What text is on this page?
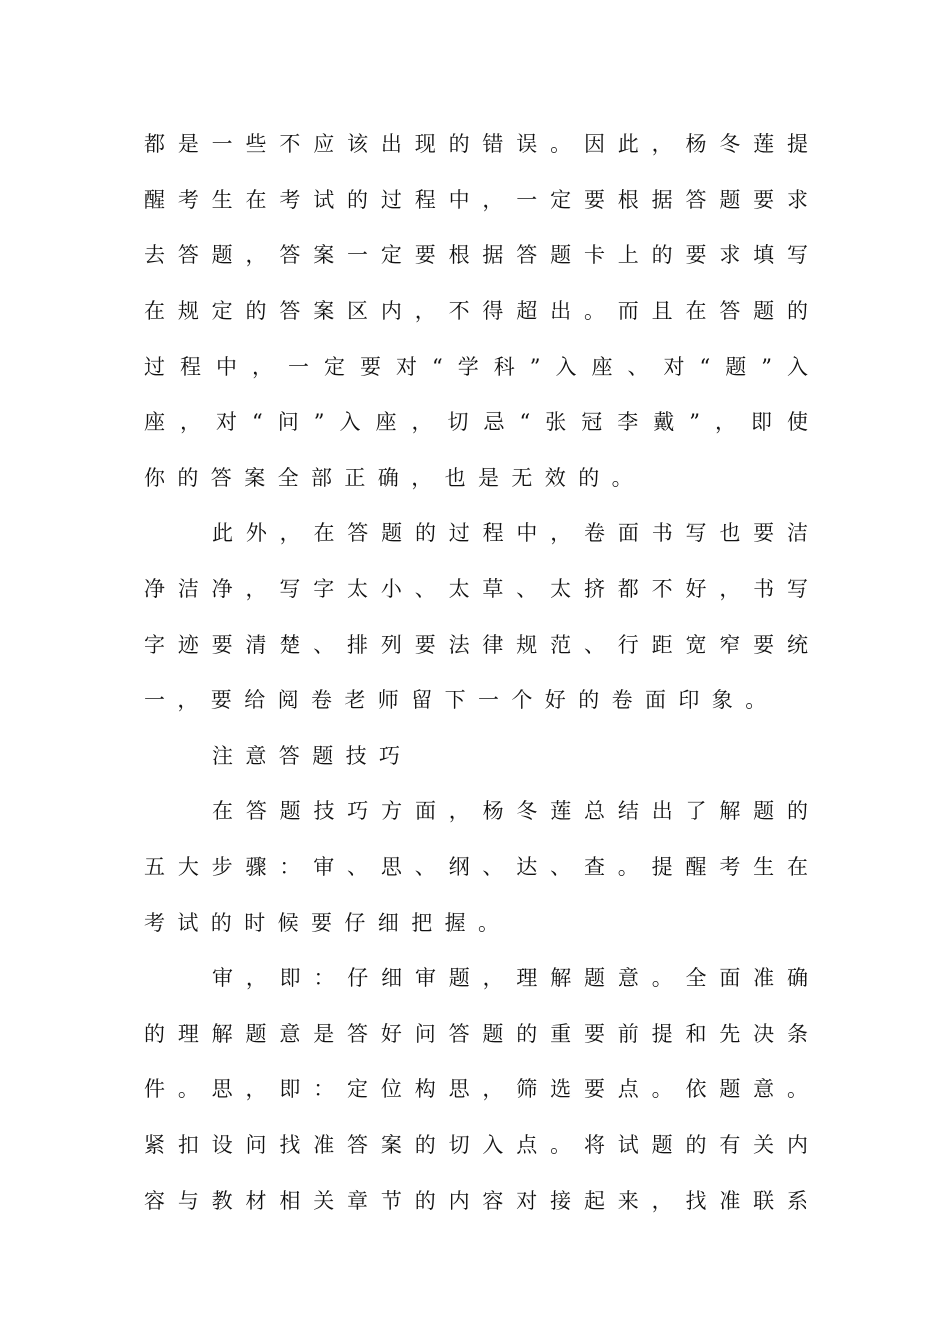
都是一些不应该出现的错误。因此，杨冬莲提
醒考生在考试的过程中，一定要根据答题要求
去答题，答案一定要根据答题卡上的要求填写
在规定的答案区内，不得超出。而且在答题的
过程中，一定要对“学科”入座、对“题”入
座，对“问”入座，切忌“张冠李戴”，即使
你的答案全部正确，也是无效的。
此外，在答题的过程中，卷面书写也要洁
净洁净，写字太小、太草、太挤都不好，书写
字迹要清楚、排列要法律规范、行距宽窄要统
一，要给阅卷老师留下一个好的卷面印象。
注意答题技巧
在答题技巧方面，杨冬莲总结出了解题的
五大步骤：审、思、纲、达、查。提醒考生在
考试的时候要仔细把握。
审，即：仔细审题，理解题意。全面准确
的理解题意是答好问答题的重要前提和先决条
件。思，即：定位构思，筛选要点。依题意。
紧扣设问找准答案的切入点。将试题的有关内
容与教材相关章节的内容对接起来，找准联系
